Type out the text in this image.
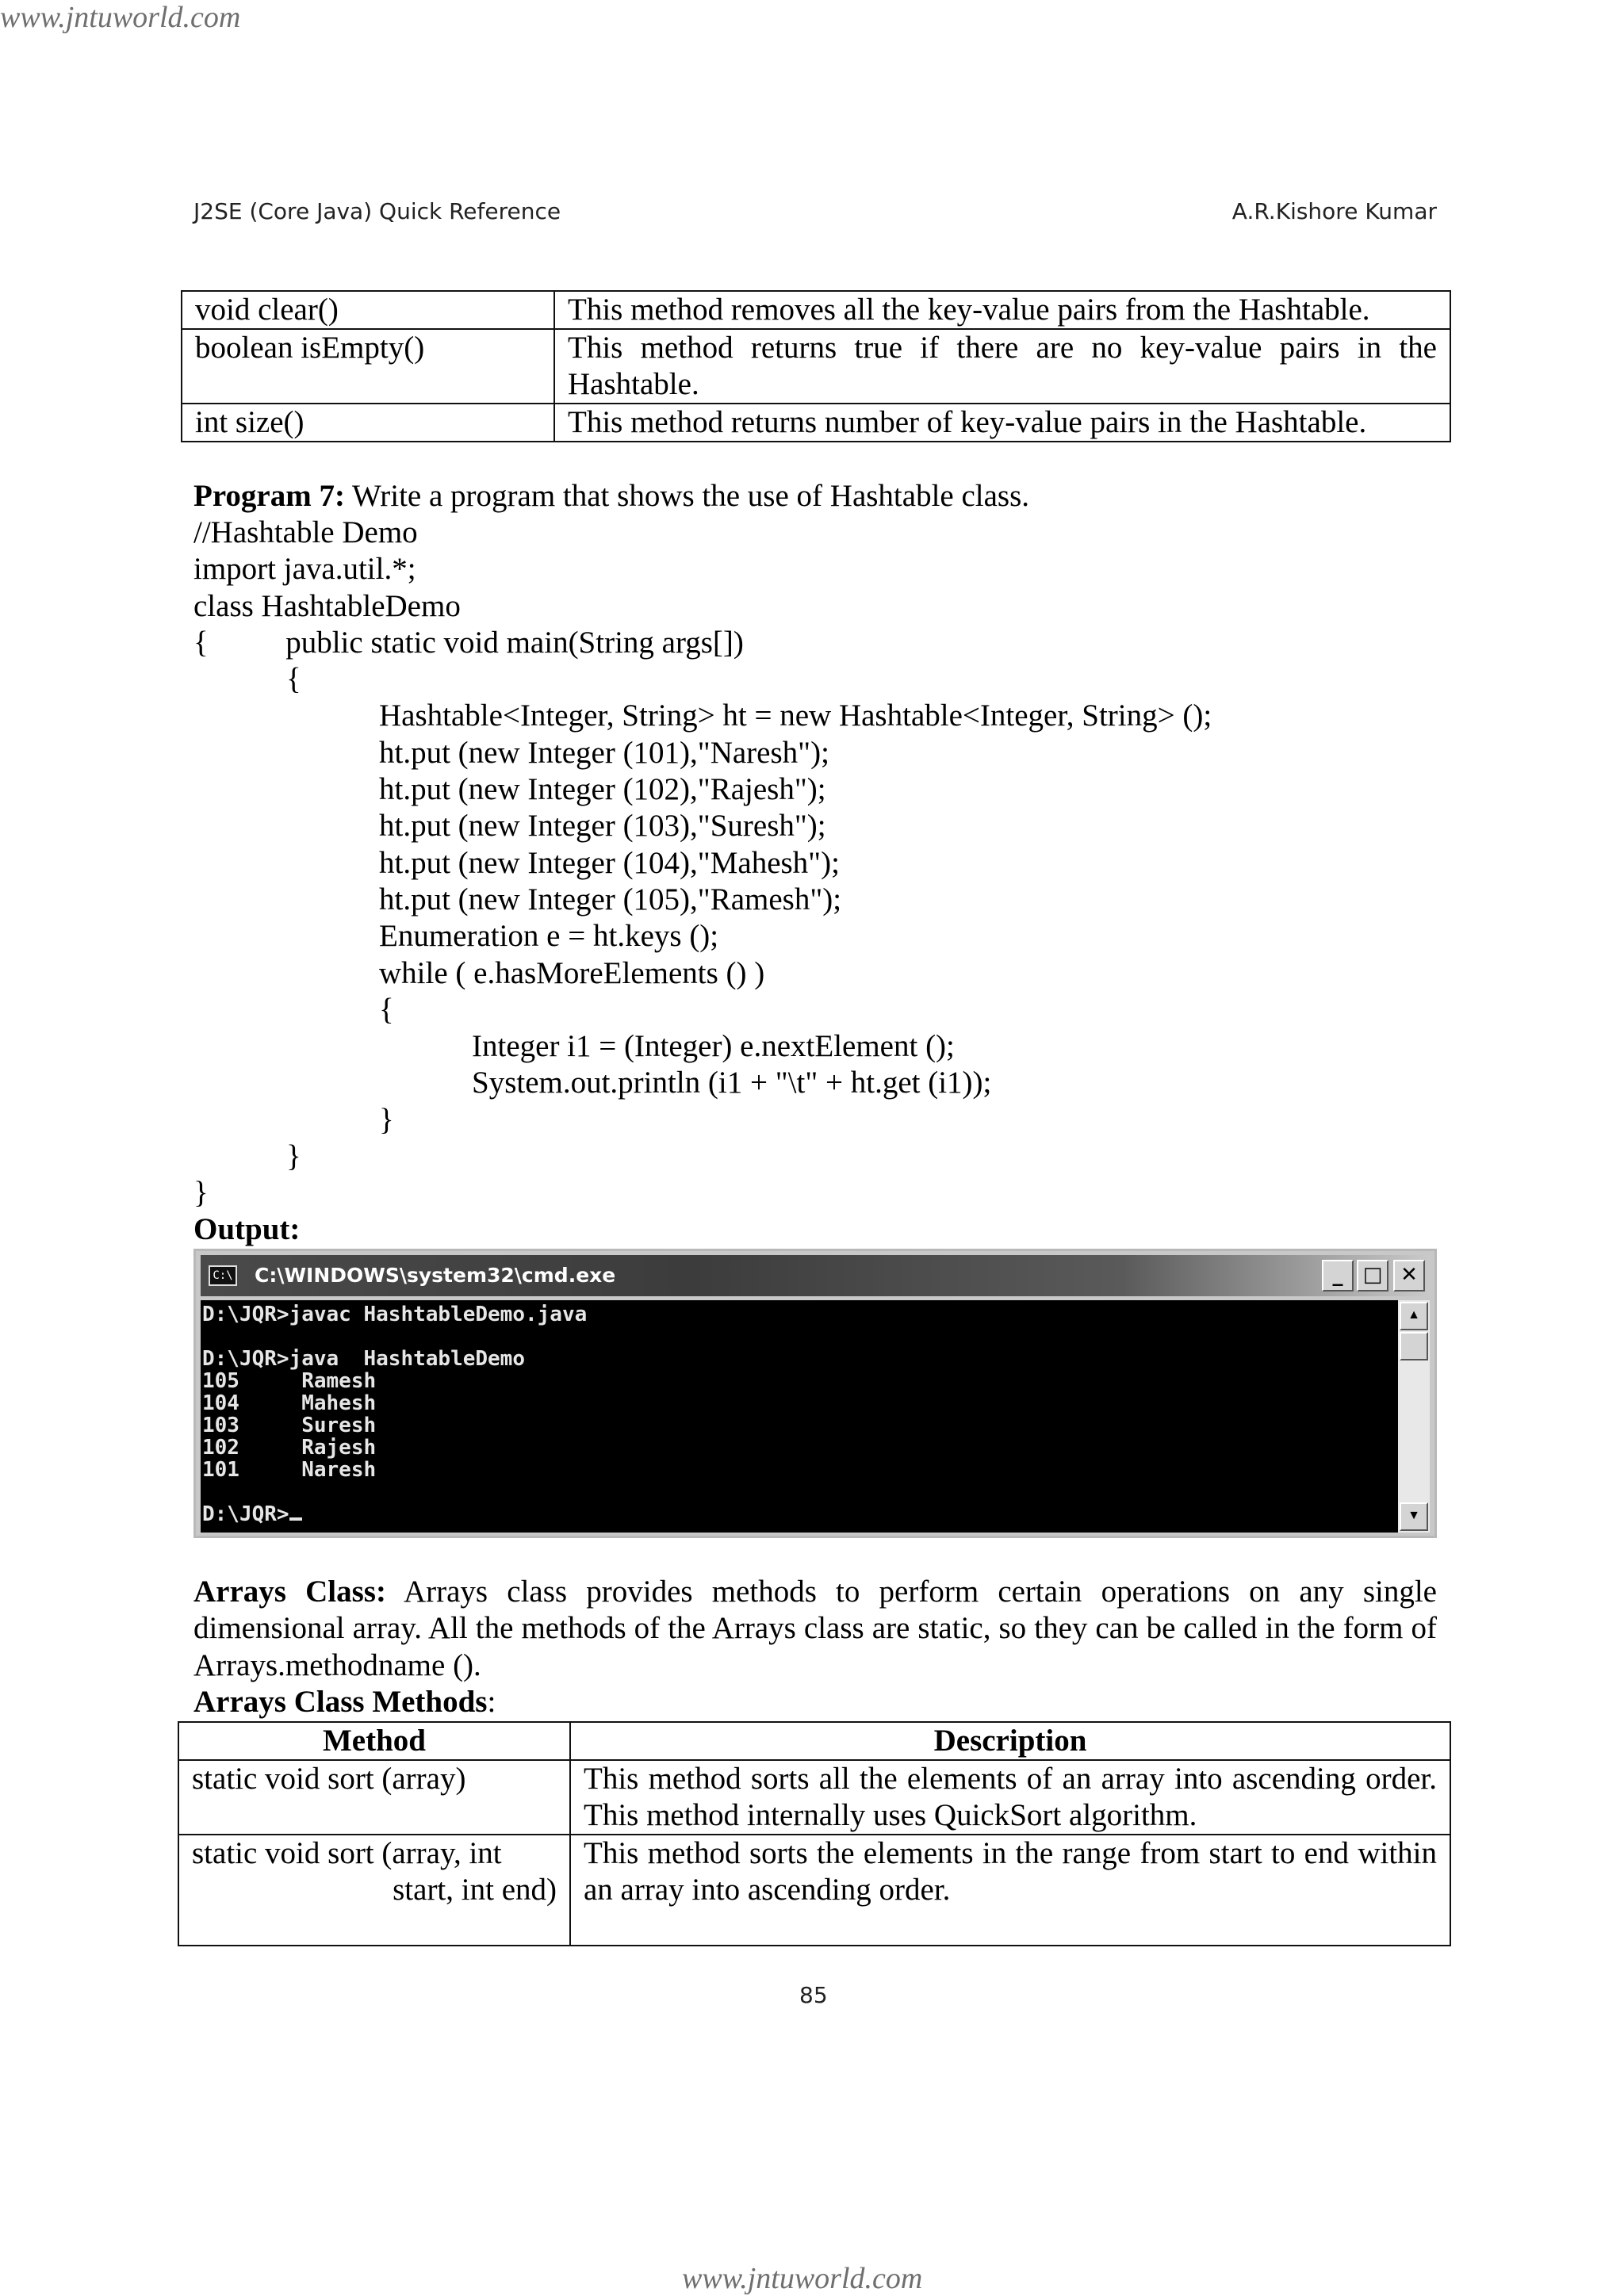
www.jntuworld.com
www.jntuworld.com
J2SE (Core Java) Quick Reference	A.R.Kishore Kumar
void clear()	This method removes all the key-value pairs from the Hashtable.
boolean isEmpty()	This method returns true if there are no key-value pairs in the Hashtable.
int size()	This method returns number of key-value pairs in the Hashtable.
Program 7: Write a program that shows the use of Hashtable class.
//Hashtable Demo
import java.util.*;
class HashtableDemo
{          public static void main(String args[])
{
Hashtable<Integer, String> ht = new Hashtable<Integer, String> ();
ht.put (new Integer (101),"Naresh");
ht.put (new Integer (102),"Rajesh");
ht.put (new Integer (103),"Suresh");
ht.put (new Integer (104),"Mahesh");
ht.put (new Integer (105),"Ramesh");
Enumeration e = ht.keys ();
while ( e.hasMoreElements () )
{
Integer i1 = (Integer) e.nextElement ();
System.out.println (i1 + "\t" + ht.get (i1));
}
}
}
Output:
C:\ C:\WINDOWS\system32\cmd.exe	_ □ ✕
D:\JQR>javac HashtableDemo.java
D:\JQR>java  HashtableDemo
105     Ramesh
104     Mahesh
103     Suresh
102     Rajesh
101     Naresh
D:\JQR>
▲
▼
Arrays Class: Arrays class provides methods to perform certain operations on any single dimensional array. All the methods of the Arrays class are static, so they can be called in the form of Arrays.methodname ().
Arrays Class Methods:
Method	Description
static void sort (array)	This method sorts all the elements of an array into ascending order. This method internally uses QuickSort algorithm.

static void sort (array, int
start, int end)	This method sorts the elements in the range from start to end within an array into ascending order.
85
